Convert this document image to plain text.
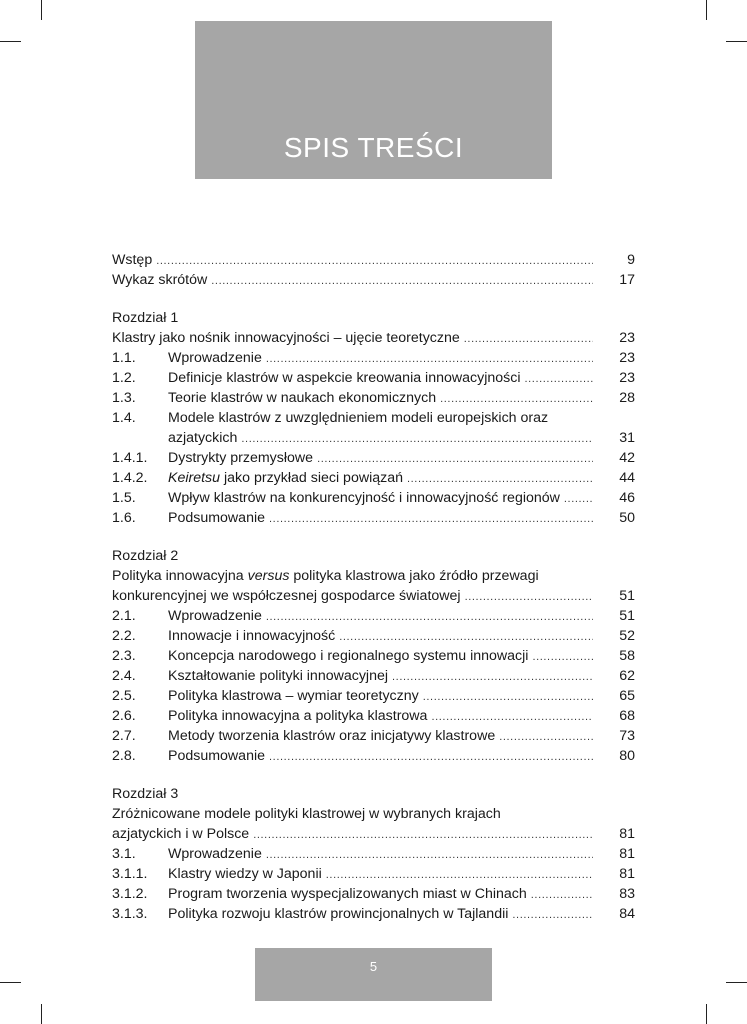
SPIS TREŚCI
Wstęp .....	9
Wykaz skrótów .....	17
Rozdział 1
Klastry jako nośnik innowacyjności – ujęcie teoretyczne .....	23
1.1.	Wprowadzenie .....	23
1.2.	Definicje klastrów w aspekcie kreowania innowacyjności .....	23
1.3.	Teorie klastrów w naukach ekonomicznych .....	28
1.4.	Modele klastrów z uwzględnieniem modeli europejskich oraz
azjatyckich .....	31
1.4.1.	Dystrykty przemysłowe .....	42
1.4.2.	Keiretsu jako przykład sieci powiązań .....	44
1.5.	Wpływ klastrów na konkurencyjność i innowacyjność regionów .....	46
1.6.	Podsumowanie .....	50
Rozdział 2
Polityka innowacyjna versus polityka klastrowa jako źródło przewagi
konkurencyjnej we współczesnej gospodarce światowej .....	51
2.1.	Wprowadzenie .....	51
2.2.	Innowacje i innowacyjność .....	52
2.3.	Koncepcja narodowego i regionalnego systemu innowacji .....	58
2.4.	Kształtowanie polityki innowacyjnej .....	62
2.5.	Polityka klastrowa – wymiar teoretyczny .....	65
2.6.	Polityka innowacyjna a polityka klastrowa .....	68
2.7.	Metody tworzenia klastrów oraz inicjatywy klastrowe .....	73
2.8.	Podsumowanie .....	80
Rozdział 3
Zróżnicowane modele polityki klastrowej w wybranych krajach
azjatyckich i w Polsce .....	81
3.1.	Wprowadzenie .....	81
3.1.1.	Klastry wiedzy w Japonii .....	81
3.1.2.	Program tworzenia wyspecjalizowanych miast w Chinach .....	83
3.1.3.	Polityka rozwoju klastrów prowincjonalnych w Tajlandii .....	84
5
